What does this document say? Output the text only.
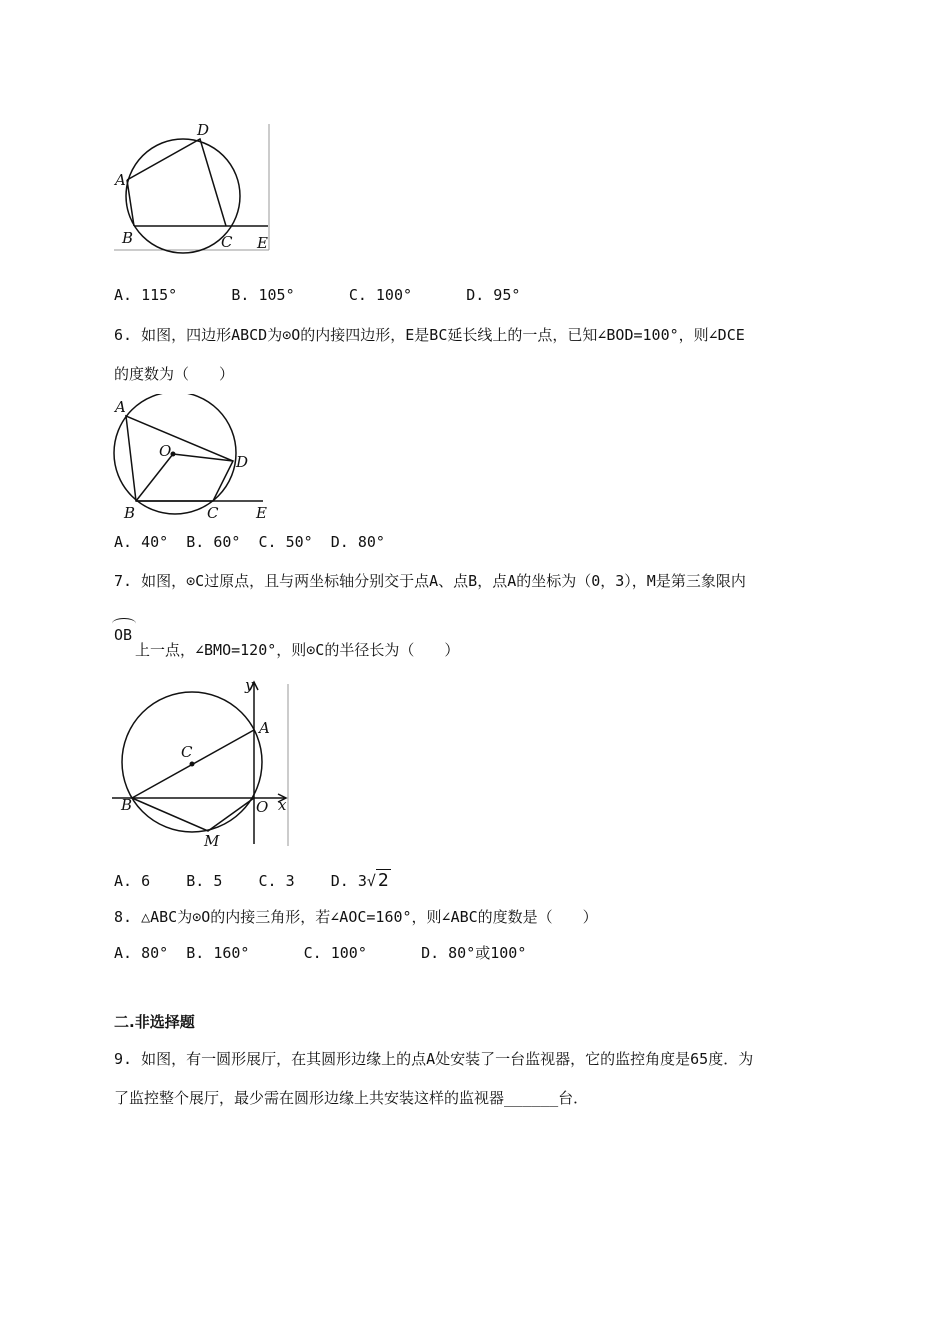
A
D
B	C E
A. 115°	B. 105°	C. 100°	D. 95°
6. 如图，四边形ABCD为⊙O的内接四边形，E是BC延长线上的一点，已知∠BOD=100°，则∠DCE
的度数为（　　）
A
O
D
B	C	E
A. 40° B. 60° C. 50° D. 80°
7. 如图，⊙C过原点，且与两坐标轴分别交于点A、点B，点A的坐标为（0，3），M是第三象限内
OB
上一点，∠BMO=120°，则⊙C的半径长为（　　）
y
x
A
C
B	O
M
A. 6 B. 5 C. 3 D. 3√ 2
8. △ABC为⊙O的内接三角形，若∠AOC=160°，则∠ABC的度数是（　　）
A. 80° B. 160°	C. 100°	D. 80°或100°
二.非选择题
9. 如图，有一圆形展厅，在其圆形边缘上的点A处安装了一台监视器，它的监控角度是65度．为
了监控整个展厅，最少需在圆形边缘上共安装这样的监视器______台．
